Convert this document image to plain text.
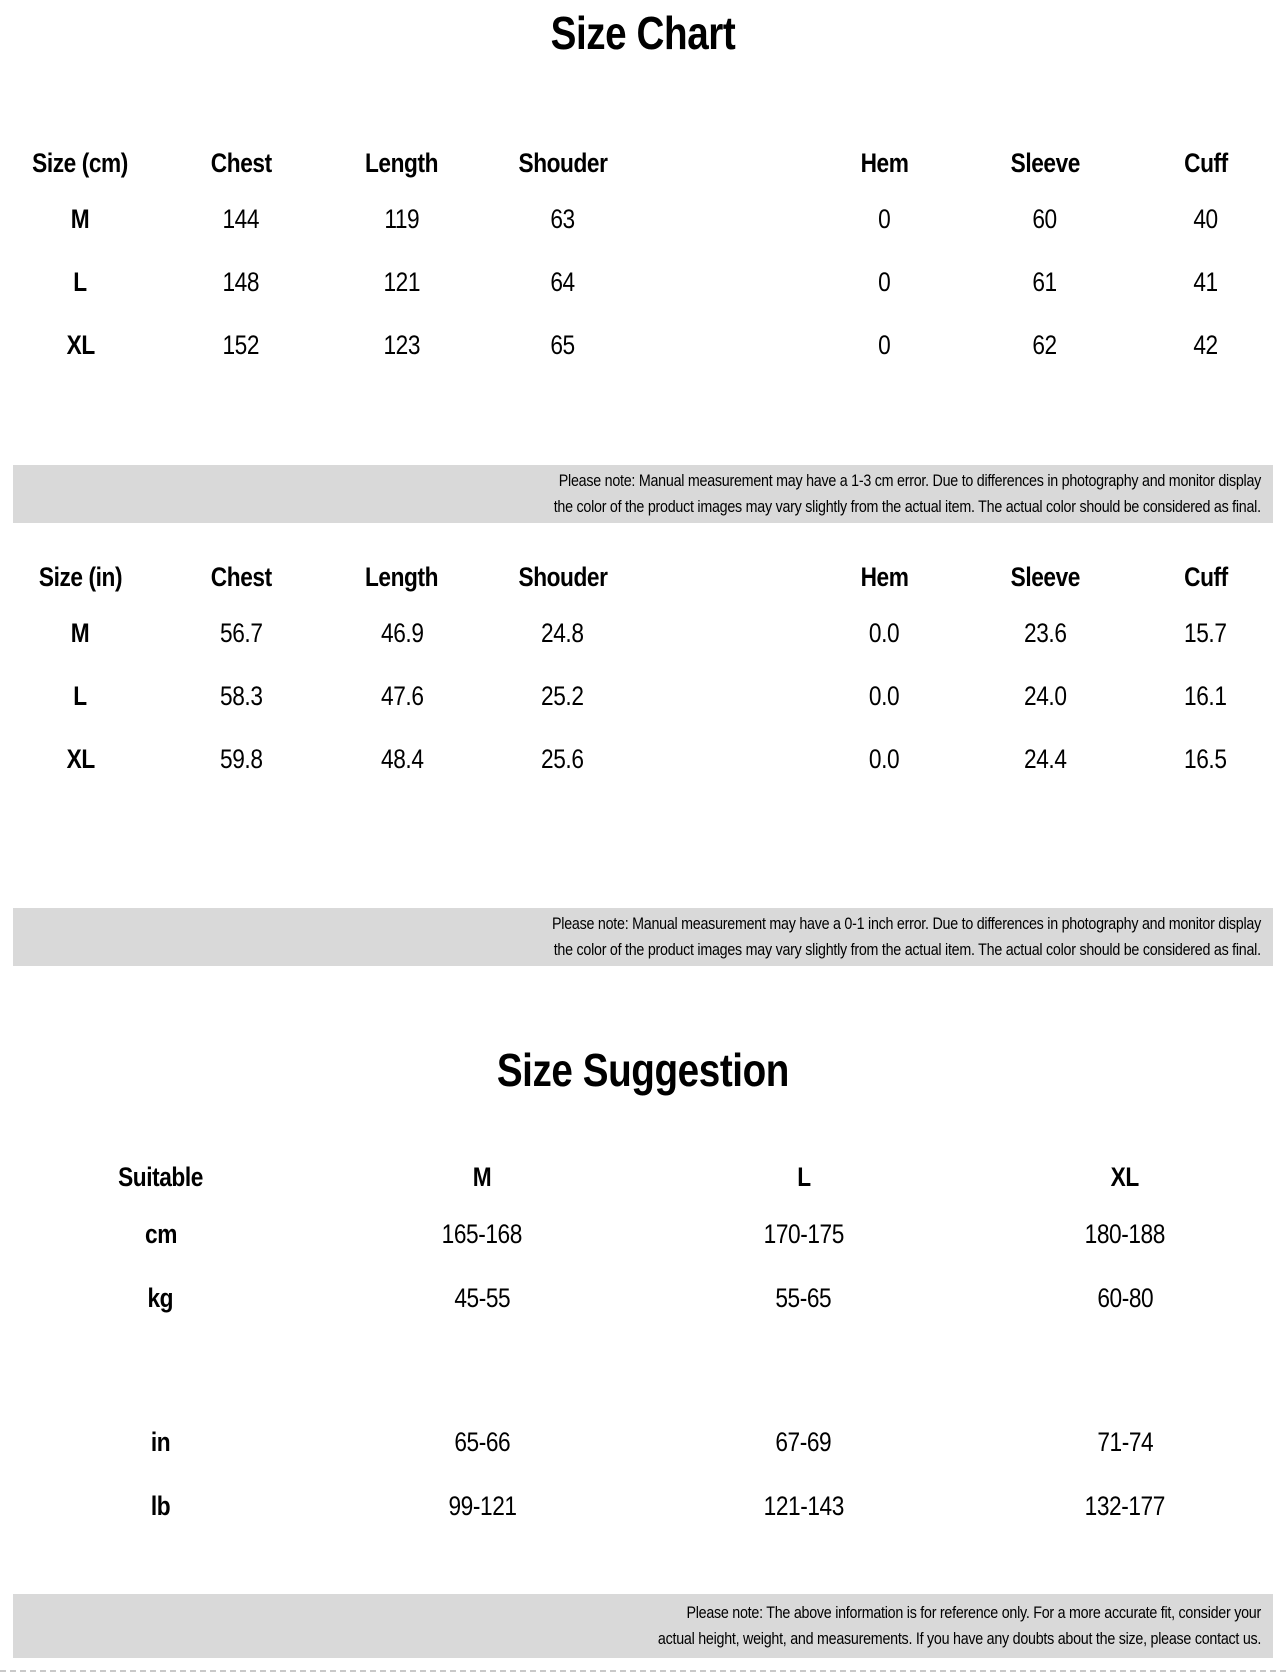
Size Chart
Size (cm)	Chest	Length	Shouder		Hem	Sleeve	Cuff
M	144	119	63		0	60	40
L	148	121	64		0	61	41
XL	152	123	65		0	62	42
Please note: Manual measurement may have a 1-3 cm error. Due to differences in photography and monitor display
the color of the product images may vary slightly from the actual item. The actual color should be considered as final.
Size (in)	Chest	Length	Shouder		Hem	Sleeve	Cuff
M	56.7	46.9	24.8		0.0	23.6	15.7
L	58.3	47.6	25.2		0.0	24.0	16.1
XL	59.8	48.4	25.6		0.0	24.4	16.5
Please note: Manual measurement may have a 0-1 inch error. Due to differences in photography and monitor display
the color of the product images may vary slightly from the actual item. The actual color should be considered as final.
Size Suggestion
Suitable	M	L	XL
cm	165-168	170-175	180-188
kg	45-55	55-65	60-80

in	65-66	67-69	71-74
lb	99-121	121-143	132-177
Please note: The above information is for reference only. For a more accurate fit, consider your
actual height, weight, and measurements. If you have any doubts about the size, please contact us.
